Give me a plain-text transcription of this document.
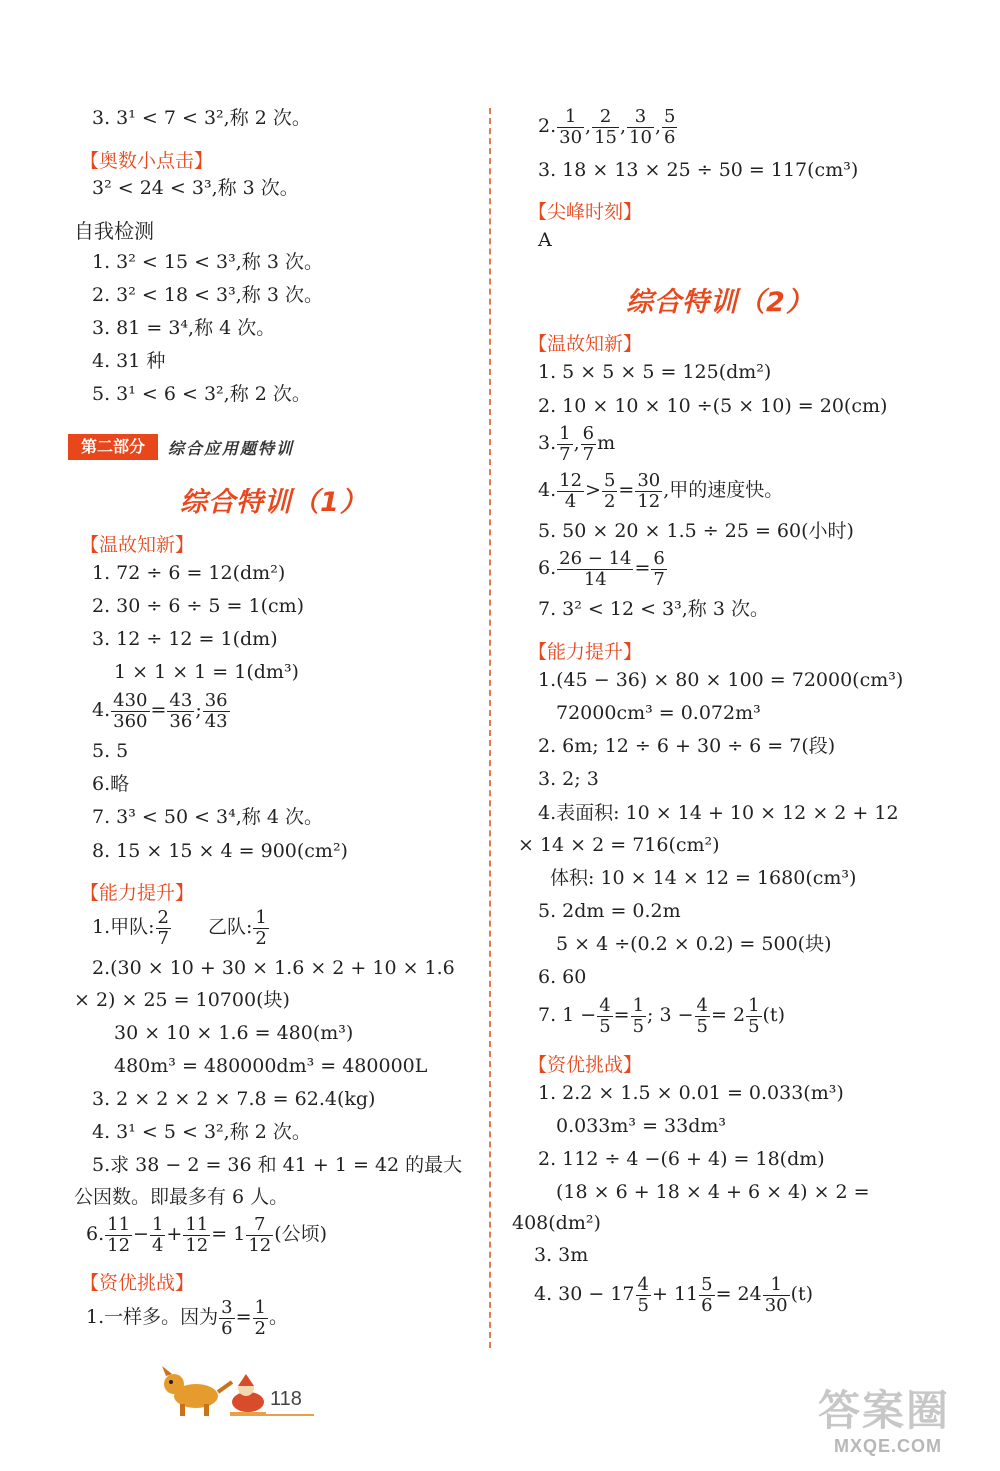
3. 3¹ < 7 < 3²,称 2 次。
【奥数小点击】
3² < 24 < 3³,称 3 次。
自我检测
1. 3² < 15 < 3³,称 3 次。
2. 3² < 18 < 3³,称 3 次。
3. 81 = 3⁴,称 4 次。
4. 31 种
5. 3¹ < 6 < 3²,称 2 次。
第二部分	综合应用题特训
综合特训（1）
【温故知新】
1. 72 ÷ 6 = 12(dm²)
2. 30 ÷ 6 ÷ 5 = 1(cm)
3. 12 ÷ 12 = 1(dm)
1 × 1 × 1 = 1(dm³)
4. $\frac{430}{360} = \frac{43}{36}$ ; $\frac{36}{43}$
5. 5
6.略
7. 3³ < 50 < 3⁴,称 4 次。
8. 15 × 15 × 4 = 900(cm²)
【能力提升】
1.甲队: $\frac{2}{7}$ 乙队: $\frac{1}{2}$
2.(30 × 10 + 30 × 1.6 × 2 + 10 × 1.6
× 2) × 25 = 10700(块)
30 × 10 × 1.6 = 480(m³)
480m³ = 480000dm³ = 480000L
3. 2 × 2 × 2 × 7.8 = 62.4(kg)
4. 3¹ < 5 < 3²,称 2 次。
5.求 38 − 2 = 36 和 41 + 1 = 42 的最大
公因数。即最多有 6 人。
6. $\frac{11}{12} - \frac{1}{4} + \frac{11}{12} = 1 \frac{7}{12}$ (公顷)
【资优挑战】
1.一样多。因为 $\frac{3}{6} = \frac{1}{2}$ 。
2. $\frac{1}{30}$ , $\frac{2}{15}$ , $\frac{3}{10}$ , $\frac{5}{6}$
3. 18 × 13 × 25 ÷ 50 = 117(cm³)
【尖峰时刻】
A
综合特训（2）
【温故知新】
1. 5 × 5 × 5 = 125(dm²)
2. 10 × 10 × 10 ÷(5 × 10) = 20(cm)
3. $\frac{1}{7}$ , $\frac{6}{7}$ m
4. $\frac{12}{4} > \frac{5}{2} = \frac{30}{12}$ ,甲的速度快。
5. 50 × 20 × 1.5 ÷ 25 = 60(小时)
6. $\frac{26 - 14}{14} = \frac{6}{7}$
7. 3² < 12 < 3³,称 3 次。
【能力提升】
1.(45 − 36) × 80 × 100 = 72000(cm³)
72000cm³ = 0.072m³
2. 6m; 12 ÷ 6 + 30 ÷ 6 = 7(段)
3. 2; 3
4.表面积: 10 × 14 + 10 × 12 × 2 + 12
× 14 × 2 = 716(cm²)
体积: 10 × 14 × 12 = 1680(cm³)
5. 2dm = 0.2m
5 × 4 ÷(0.2 × 0.2) = 500(块)
6. 60
7. $1 - \frac{4}{5} = \frac{1}{5}$ ; $3 - \frac{4}{5} = 2 \frac{1}{5} (t)$
【资优挑战】
1. 2.2 × 1.5 × 0.01 = 0.033(m³)
0.033m³ = 33dm³
2. 112 ÷ 4 −(6 + 4) = 18(dm)
(18 × 6 + 18 × 4 + 6 × 4) × 2 =
408(dm²)
3. 3m
4. $30 - 17 \frac{4}{5} + 11 \frac{5}{6} = 24 \frac{1}{30} (t)$
118	答案圈
MXQE.COM
